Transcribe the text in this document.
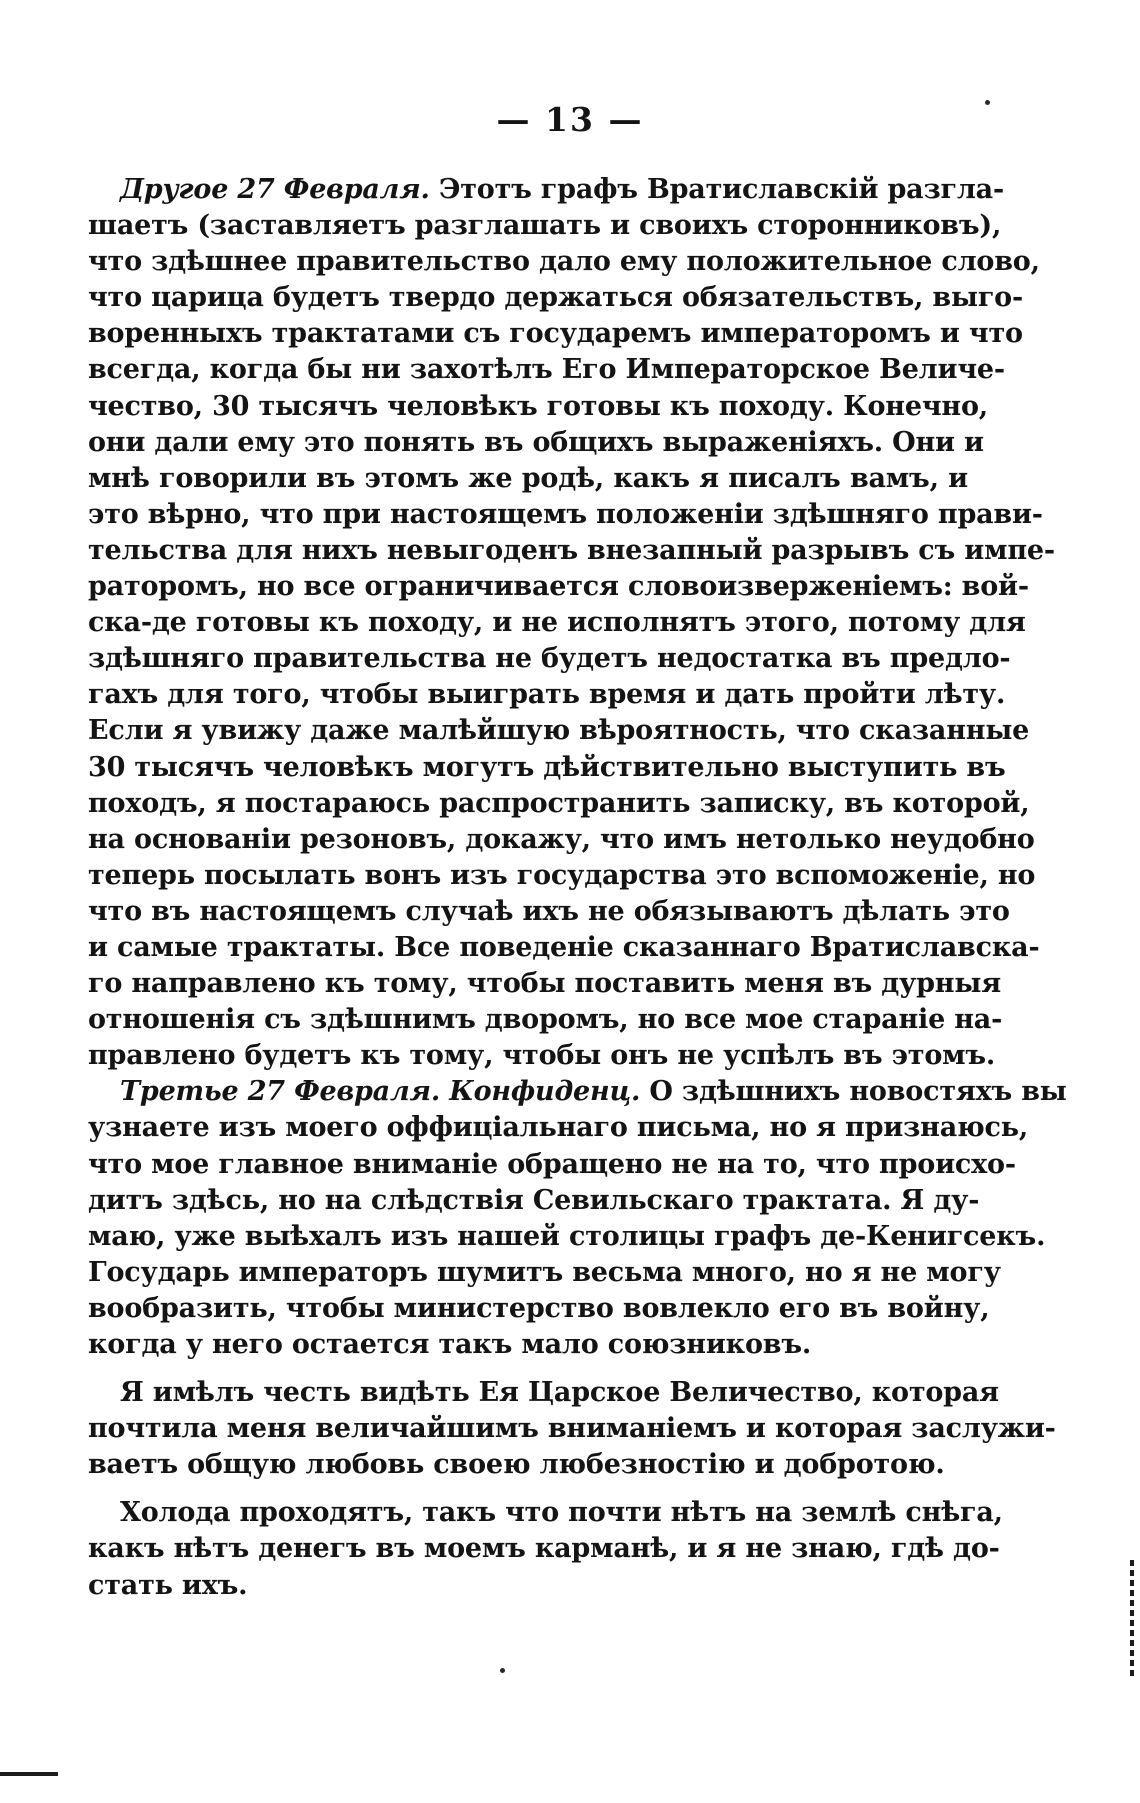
— 13 —
Другое 27 Февраля. Этотъ графъ Вратиславскій разгла-
шаетъ (заставляетъ разглашать и своихъ сторонниковъ),
что здѣшнее правительство дало ему положительное слово,
что царица будетъ твердо держаться обязательствъ, выго-
воренныхъ трактатами съ государемъ императоромъ и что
всегда, когда бы ни захотѣлъ Его Императорское Величе-
чество, 30 тысячъ человѣкъ готовы къ походу. Конечно,
они дали ему это понять въ общихъ выраженіяхъ. Они и
мнѣ говорили въ этомъ же родѣ, какъ я писалъ вамъ, и
это вѣрно, что при настоящемъ положеніи здѣшняго прави-
тельства для нихъ невыгоденъ внезапный разрывъ съ импе-
раторомъ, но все ограничивается словоизверженіемъ: вой-
ска-де готовы къ походу, и не исполнятъ этого, потому для
здѣшняго правительства не будетъ недостатка въ предло-
гахъ для того, чтобы выиграть время и дать пройти лѣту.
Если я увижу даже малѣйшую вѣроятность, что сказанные
30 тысячъ человѣкъ могутъ дѣйствительно выступить въ
походъ, я постараюсь распространить записку, въ которой,
на основаніи резоновъ, докажу, что имъ нетолько неудобно
теперь посылать вонъ изъ государства это вспоможеніе, но
что въ настоящемъ случаѣ ихъ не обязываютъ дѣлать это
и самые трактаты. Все поведеніе сказаннаго Вратиславска-
го направлено къ тому, чтобы поставить меня въ дурныя
отношенія съ здѣшнимъ дворомъ, но все мое стараніе на-
правлено будетъ къ тому, чтобы онъ не успѣлъ въ этомъ.
Третье 27 Февраля. Конфиденц. О здѣшнихъ новостяхъ вы
узнаете изъ моего оффиціальнаго письма, но я признаюсь,
что мое главное вниманіе обращено не на то, что происхо-
дитъ здѣсь, но на слѣдствія Севильскаго трактата. Я ду-
маю, уже выѣхалъ изъ нашей столицы графъ де-Кенигсекъ.
Государь императоръ шумитъ весьма много, но я не могу
вообразить, чтобы министерство вовлекло его въ войну,
когда у него остается такъ мало союзниковъ.
Я имѣлъ честь видѣть Ея Царское Величество, которая
почтила меня величайшимъ вниманіемъ и которая заслужи-
ваетъ общую любовь своею любезностію и добротою.
Холода проходятъ, такъ что почти нѣтъ на землѣ снѣга,
какъ нѣтъ денегъ въ моемъ карманѣ, и я не знаю, гдѣ до-
стать ихъ.
